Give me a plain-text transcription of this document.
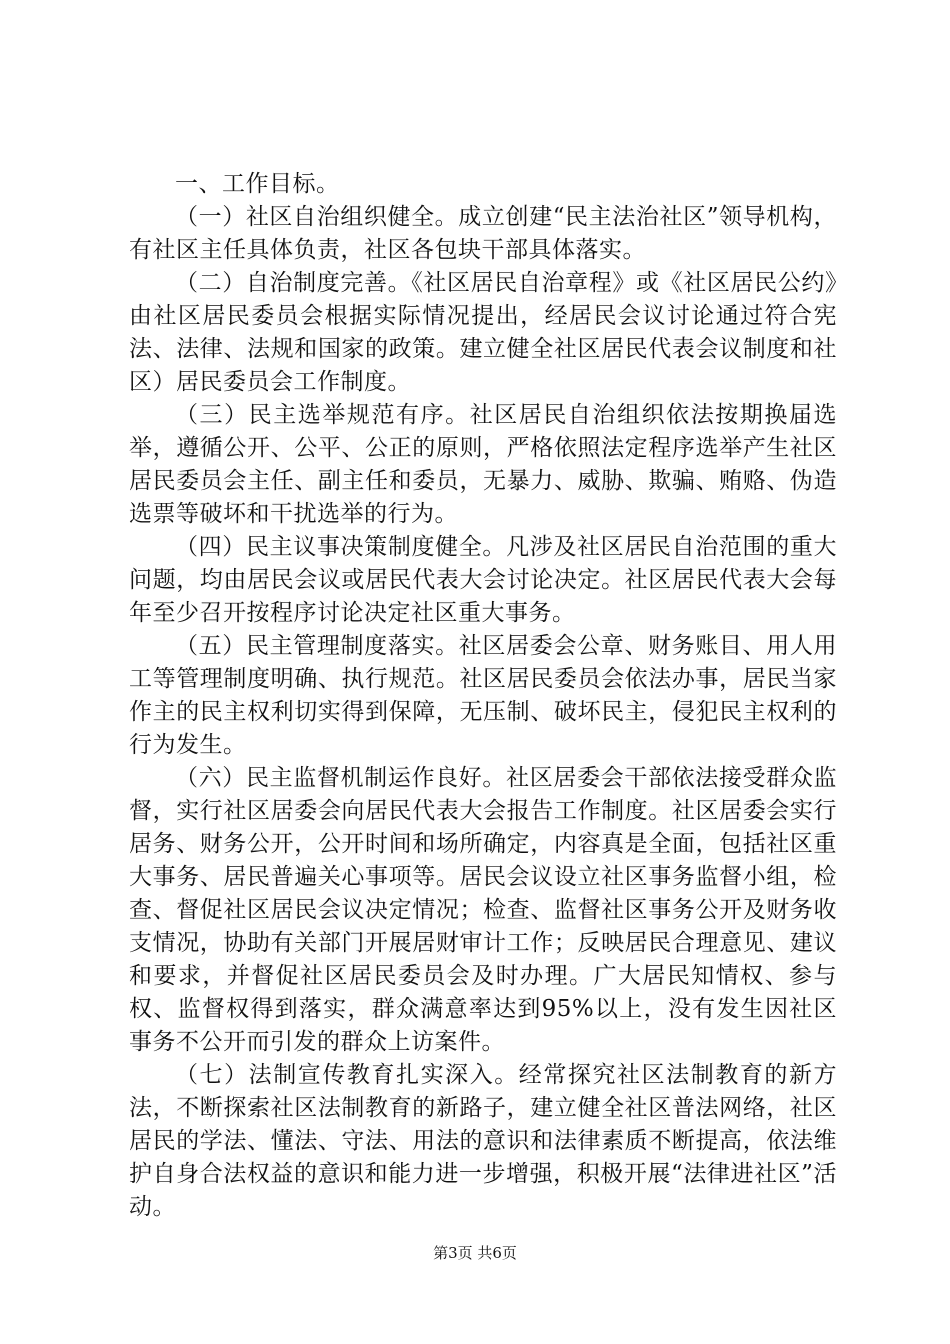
一、工作目标。

（一）社区自治组织健全。成立创建“民主法治社区”领导机构，有社区主任具体负责，社区各包块干部具体落实。

（二）自治制度完善。《社区居民自治章程》或《社区居民公约》由社区居民委员会根据实际情况提出，经居民会议讨论通过符合宪法、法律、法规和国家的政策。建立健全社区居民代表会议制度和社区）居民委员会工作制度。

（三）民主选举规范有序。社区居民自治组织依法按期换届选举，遵循公开、公平、公正的原则，严格依照法定程序选举产生社区居民委员会主任、副主任和委员，无暴力、威胁、欺骗、贿赂、伪造选票等破坏和干扰选举的行为。

（四）民主议事决策制度健全。凡涉及社区居民自治范围的重大问题，均由居民会议或居民代表大会讨论决定。社区居民代表大会每年至少召开按程序讨论决定社区重大事务。

（五）民主管理制度落实。社区居委会公章、财务账目、用人用工等管理制度明确、执行规范。社区居民委员会依法办事，居民当家作主的民主权利切实得到保障，无压制、破坏民主，侵犯民主权利的行为发生。

（六）民主监督机制运作良好。社区居委会干部依法接受群众监督，实行社区居委会向居民代表大会报告工作制度。社区居委会实行居务、财务公开，公开时间和场所确定，内容真是全面，包括社区重大事务、居民普遍关心事项等。居民会议设立社区事务监督小组，检查、督促社区居民会议决定情况；检查、监督社区事务公开及财务收支情况，协助有关部门开展居财审计工作；反映居民合理意见、建议和要求，并督促社区居民委员会及时办理。广大居民知情权、参与权、监督权得到落实，群众满意率达到95%以上，没有发生因社区事务不公开而引发的群众上访案件。

（七）法制宣传教育扎实深入。经常探究社区法制教育的新方法，不断探索社区法制教育的新路子，建立健全社区普法网络，社区居民的学法、懂法、守法、用法的意识和法律素质不断提高，依法维护自身合法权益的意识和能力进一步增强，积极开展“法律进社区”活动。

第3页 共6页
